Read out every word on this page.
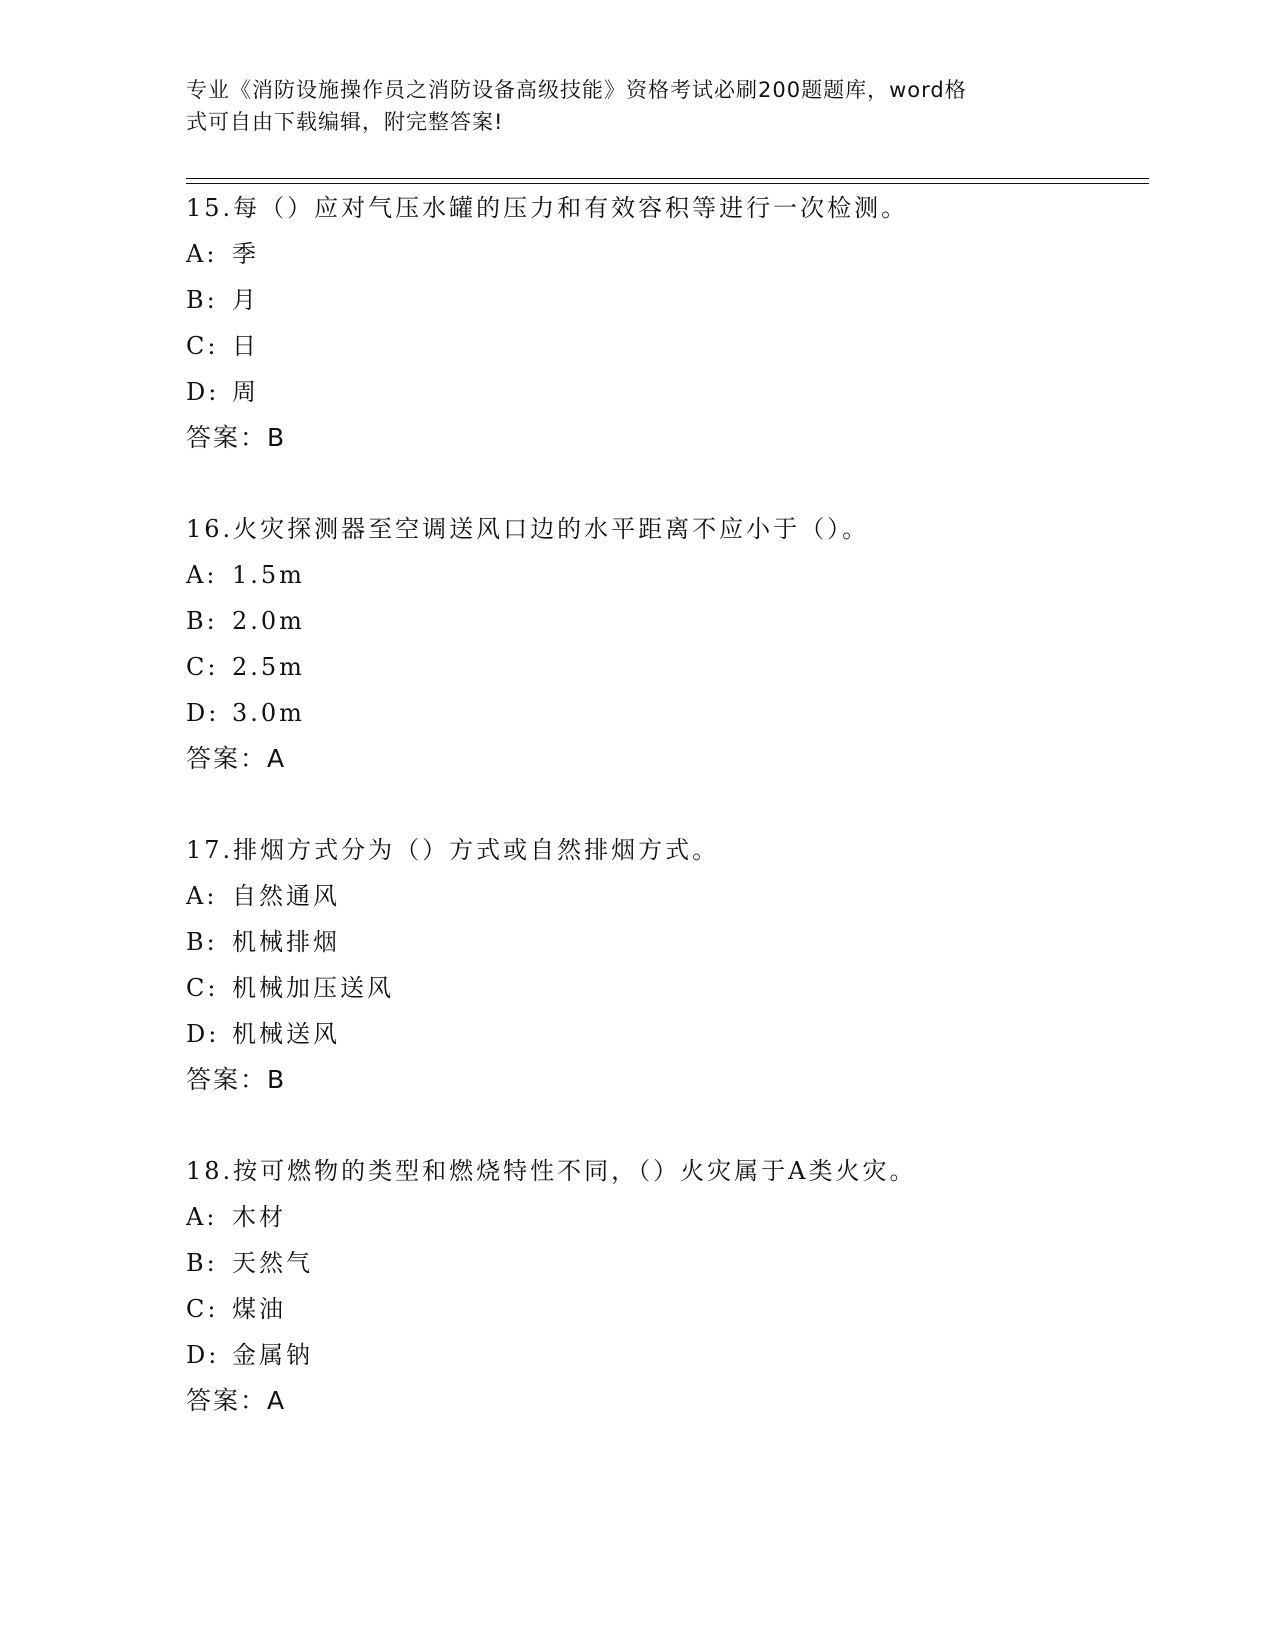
专业《消防设施操作员之消防设备高级技能》资格考试必刷200题题库，word格
式可自由下载编辑，附完整答案!
15.每（）应对气压水罐的压力和有效容积等进行一次检测。
A: 季
B: 月
C: 日
D: 周
答案：B
16.火灾探测器至空调送风口边的水平距离不应小于（）。
A: 1.5m
B: 2.0m
C: 2.5m
D: 3.0m
答案：A
17.排烟方式分为（）方式或自然排烟方式。
A: 自然通风
B: 机械排烟
C: 机械加压送风
D: 机械送风
答案：B
18.按可燃物的类型和燃烧特性不同，（）火灾属于A类火灾。
A: 木材
B: 天然气
C: 煤油
D: 金属钠
答案：A
